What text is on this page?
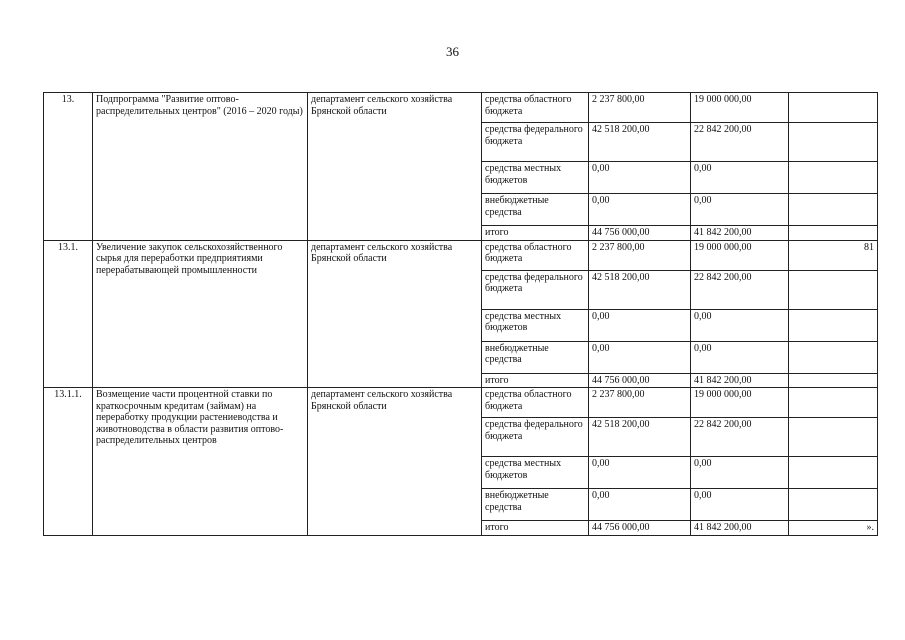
36
13.	Подпрограмма "Развитие оптово-распределительных центров" (2016 – 2020 годы)	департамент сельского хозяйства Брянской области	средства областного бюджета	2 237 800,00	19 000 000,00	
			средства федерального бюджета	42 518 200,00	22 842 200,00	
			средства местных бюджетов	0,00	0,00	
			внебюджетные средства	0,00	0,00	
			итого	44 756 000,00	41 842 200,00	
13.1.	Увеличение закупок сельскохозяйственного сырья для переработки предприятиями перерабатывающей промышленности	департамент сельского хозяйства Брянской области	средства областного бюджета	2 237 800,00	19 000 000,00	81
			средства федерального бюджета	42 518 200,00	22 842 200,00	
			средства местных бюджетов	0,00	0,00	
			внебюджетные средства	0,00	0,00	
			итого	44 756 000,00	41 842 200,00	
13.1.1.	Возмещение части процентной ставки по краткосрочным кредитам (займам) на переработку продукции растениеводства и животноводства в области развития оптово-распределительных центров	департамент сельского хозяйства Брянской области	средства областного бюджета	2 237 800,00	19 000 000,00	
			средства федерального бюджета	42 518 200,00	22 842 200,00	
			средства местных бюджетов	0,00	0,00	
			внебюджетные средства	0,00	0,00	
			итого	44 756 000,00	41 842 200,00	».
